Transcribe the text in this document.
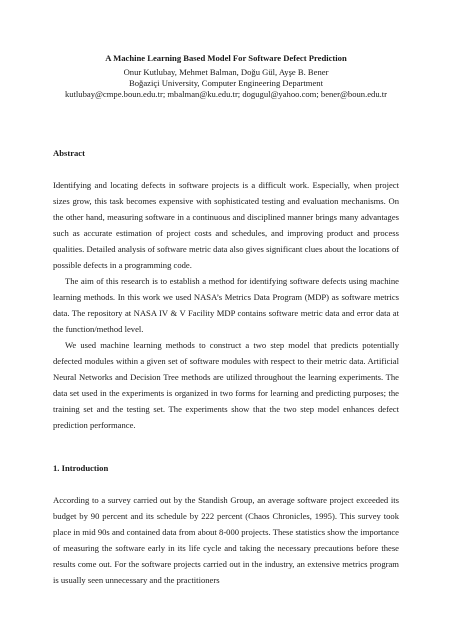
A Machine Learning Based Model For Software Defect Prediction
Onur Kutlubay, Mehmet Balman, Doğu Gül, Ayşe B. Bener
Boğaziçi University, Computer Engineering Department
kutlubay@cmpe.boun.edu.tr; mbalman@ku.edu.tr; dogugul@yahoo.com; bener@boun.edu.tr
Abstract

Identifying and locating defects in software projects is a difficult work. Especially, when project sizes grow, this task becomes expensive with sophisticated testing and evaluation mechanisms. On the other hand, measuring software in a continuous and disciplined manner brings many advantages such as accurate estimation of project costs and schedules, and improving product and process qualities. Detailed analysis of software metric data also gives significant clues about the locations of possible defects in a programming code.

The aim of this research is to establish a method for identifying software defects using machine learning methods. In this work we used NASA’s Metrics Data Program (MDP) as software metrics data. The repository at NASA IV & V Facility MDP contains software metric data and error data at the function/method level.

We used machine learning methods to construct a two step model that predicts potentially defected modules within a given set of software modules with respect to their metric data. Artificial Neural Networks and Decision Tree methods are utilized throughout the learning experiments. The data set used in the experiments is organized in two forms for learning and predicting purposes; the training set and the testing set. The experiments show that the two step model enhances defect prediction performance.

1. Introduction

According to a survey carried out by the Standish Group, an average software project exceeded its budget by 90 percent and its schedule by 222 percent (Chaos Chronicles, 1995). This survey took place in mid 90s and contained data from about 8-000 projects. These statistics show the importance of measuring the software early in its life cycle and taking the necessary precautions before these results come out. For the software projects carried out in the industry, an extensive metrics program is usually seen unnecessary and the practitioners
